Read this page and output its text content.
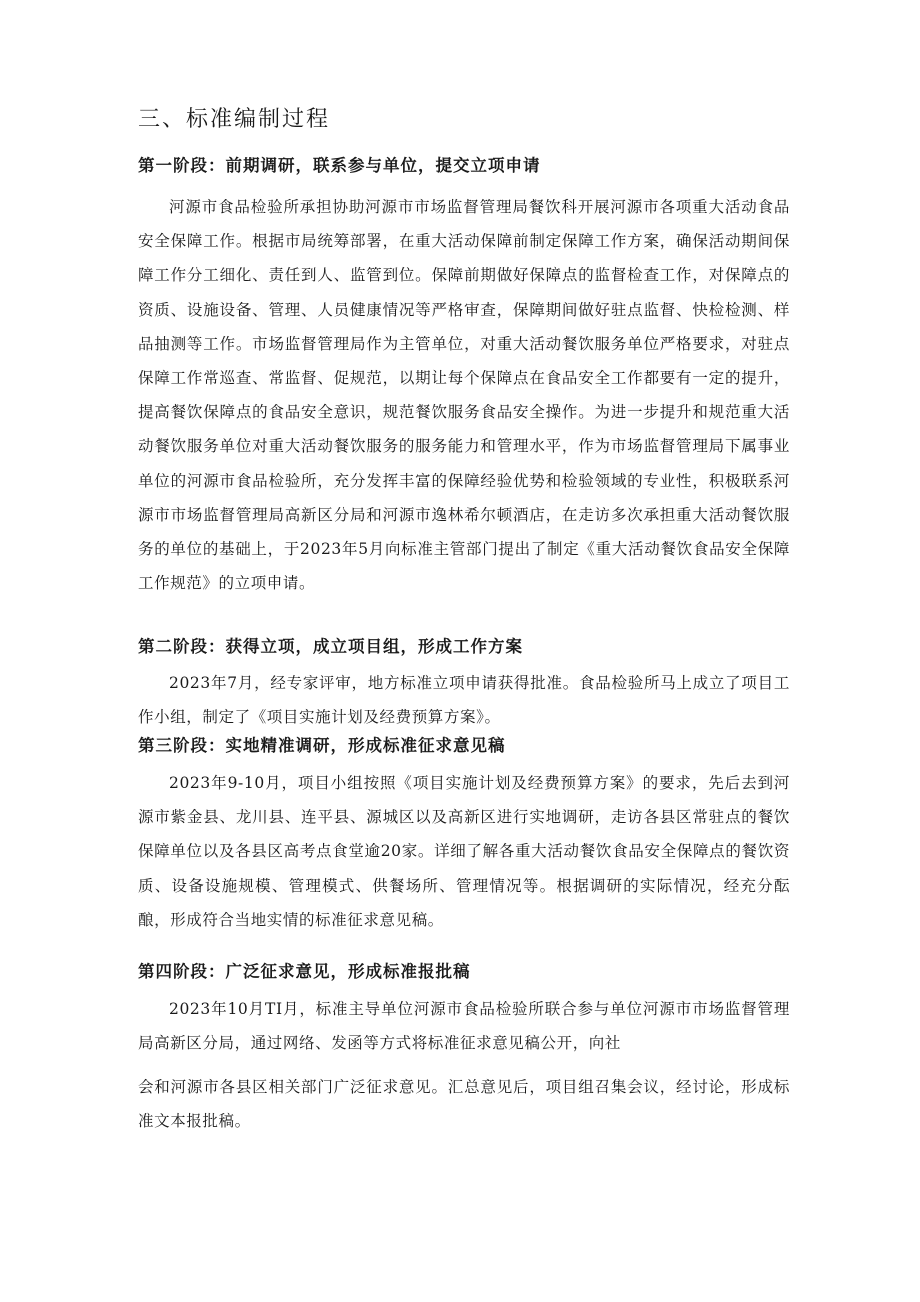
三、标准编制过程
第一阶段：前期调研，联系参与单位，提交立项申请

河源市食品检验所承担协助河源市市场监督管理局餐饮科开展河源市各项重大活动食品安全保障工作。根据市局统筹部署，在重大活动保障前制定保障工作方案，确保活动期间保障工作分工细化、责任到人、监管到位。保障前期做好保障点的监督检查工作，对保障点的资质、设施设备、管理、人员健康情况等严格审查，保障期间做好驻点监督、快检检测、样品抽测等工作。市场监督管理局作为主管单位，对重大活动餐饮服务单位严格要求，对驻点保障工作常巡查、常监督、促规范，以期让每个保障点在食品安全工作都要有一定的提升，提高餐饮保障点的食品安全意识，规范餐饮服务食品安全操作。为进一步提升和规范重大活动餐饮服务单位对重大活动餐饮服务的服务能力和管理水平，作为市场监督管理局下属事业单位的河源市食品检验所，充分发挥丰富的保障经验优势和检验领域的专业性，积极联系河源市市场监督管理局高新区分局和河源市逸林希尔顿酒店，在走访多次承担重大活动餐饮服务的单位的基础上，于2023年5月向标准主管部门提出了制定《重大活动餐饮食品安全保障工作规范》的立项申请。

第二阶段：获得立项，成立项目组，形成工作方案

2023年7月，经专家评审，地方标准立项申请获得批准。食品检验所马上成立了项目工作小组，制定了《项目实施计划及经费预算方案》。

第三阶段：实地精准调研，形成标准征求意见稿

2023年9-10月，项目小组按照《项目实施计划及经费预算方案》的要求，先后去到河源市紫金县、龙川县、连平县、源城区以及高新区进行实地调研，走访各县区常驻点的餐饮保障单位以及各县区高考点食堂逾20家。详细了解各重大活动餐饮食品安全保障点的餐饮资质、设备设施规模、管理模式、供餐场所、管理情况等。根据调研的实际情况，经充分酝酿，形成符合当地实情的标准征求意见稿。

第四阶段：广泛征求意见，形成标准报批稿

2023年10月TI月，标准主导单位河源市食品检验所联合参与单位河源市市场监督管理局高新区分局，通过网络、发函等方式将标准征求意见稿公开，向社

会和河源市各县区相关部门广泛征求意见。汇总意见后，项目组召集会议，经讨论，形成标准文本报批稿。
